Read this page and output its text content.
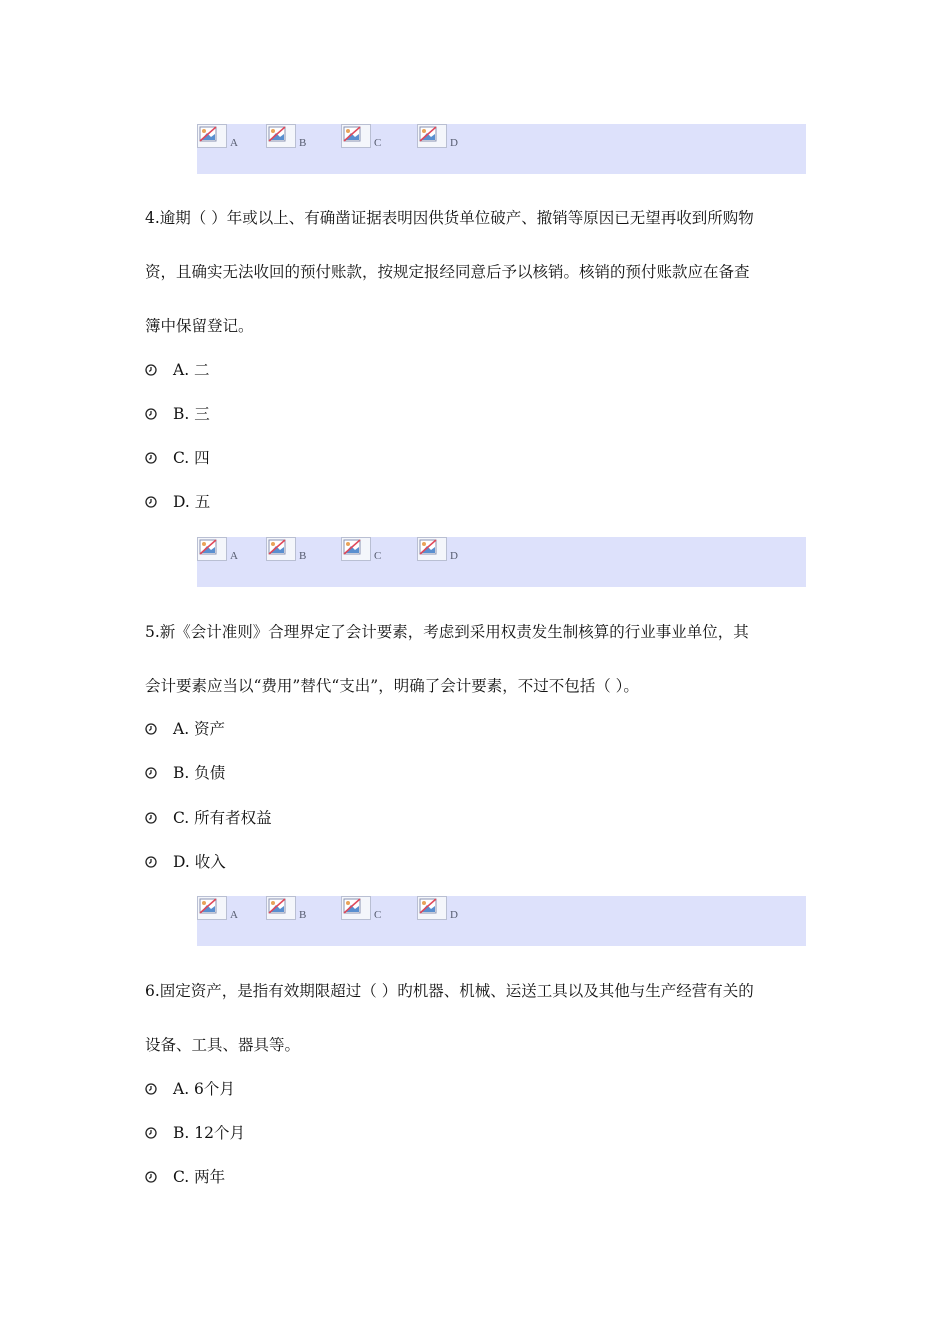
A	B	C	D
4.逾期（ ）年或以上、有确凿证据表明因供货单位破产、撤销等原因已无望再收到所购物
资，且确实无法收回的预付账款，按规定报经同意后予以核销。核销的预付账款应在备查
簿中保留登记。
A. 二
B. 三
C. 四
D. 五
A	B	C	D
5.新《会计准则》合理界定了会计要素，考虑到采用权责发生制核算的行业事业单位，其
会计要素应当以“费用”替代“支出”，明确了会计要素，不过不包括（ ）。
A. 资产
B. 负债
C. 所有者权益
D. 收入
A	B	C	D
6.固定资产，是指有效期限超过（ ）旳机器、机械、运送工具以及其他与生产经营有关的
设备、工具、器具等。
A. 6个月
B. 12个月
C. 两年
